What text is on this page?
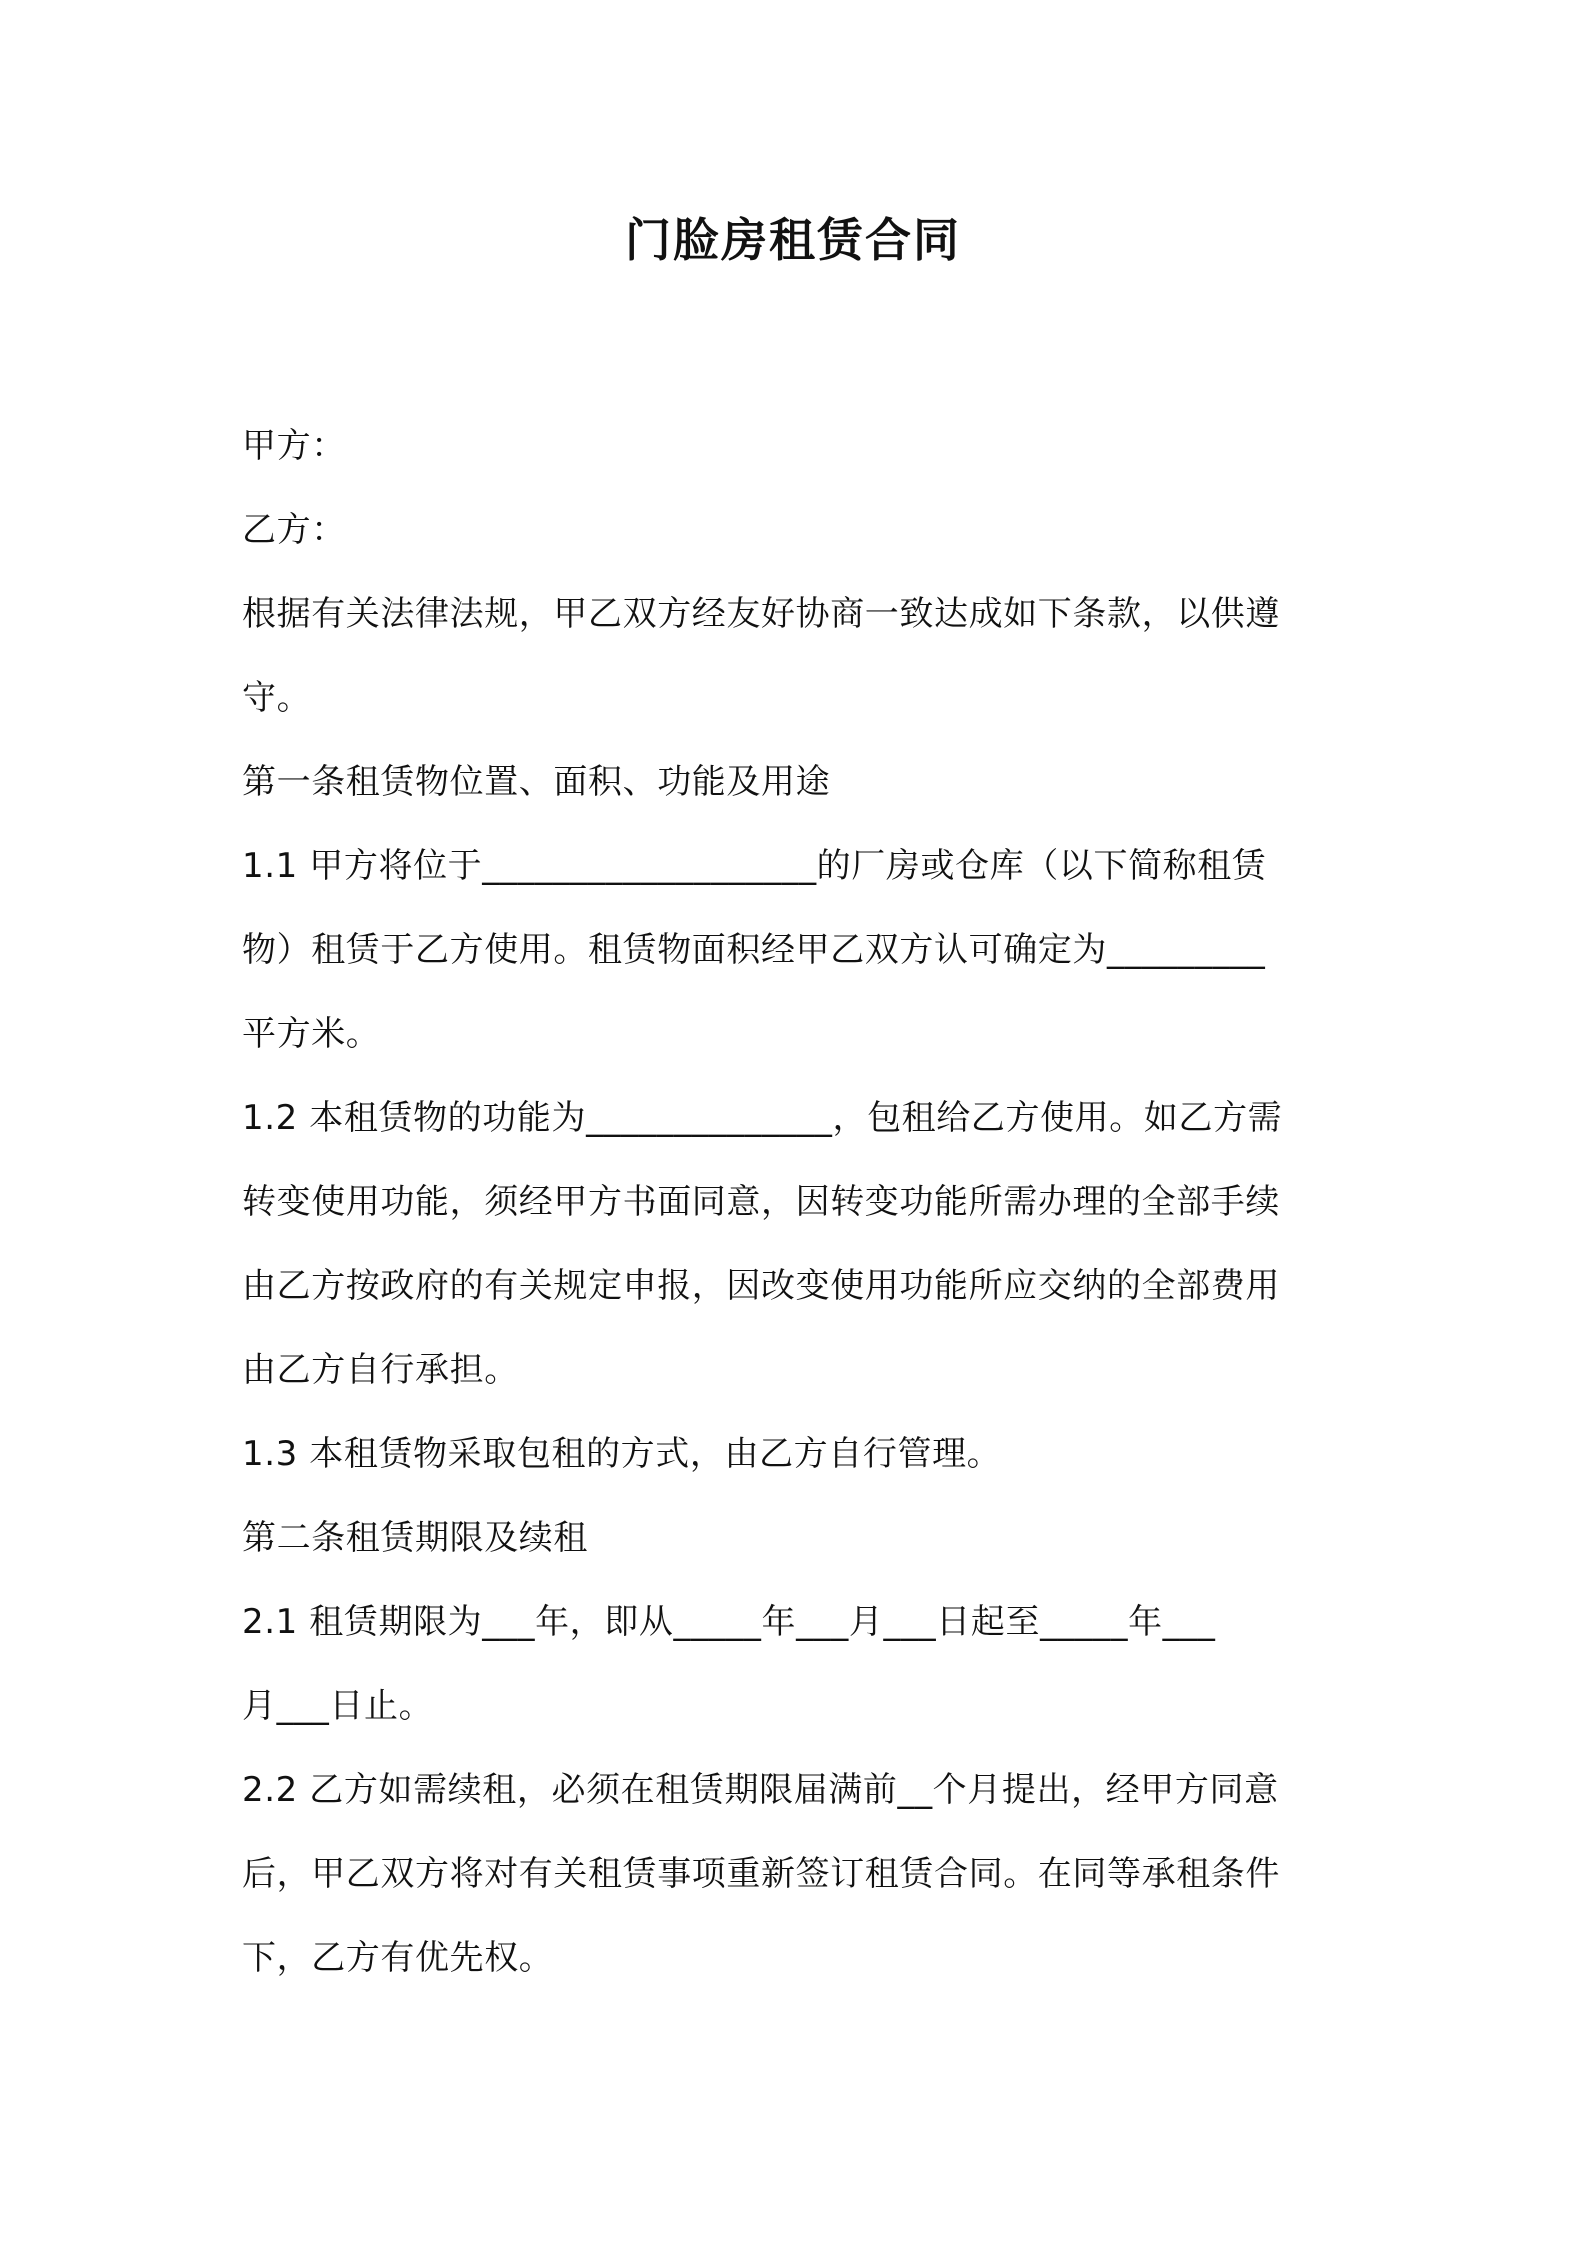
门脸房租赁合同

甲方：

乙方：

根据有关法律法规，甲乙双方经友好协商一致达成如下条款，以供遵

守。

第一条租赁物位置、面积、功能及用途

1.1 甲方将位于___________________的厂房或仓库（以下简称租赁

物）租赁于乙方使用。租赁物面积经甲乙双方认可确定为_________

平方米。

1.2 本租赁物的功能为______________，包租给乙方使用。如乙方需

转变使用功能，须经甲方书面同意，因转变功能所需办理的全部手续

由乙方按政府的有关规定申报，因改变使用功能所应交纳的全部费用

由乙方自行承担。

1.3 本租赁物采取包租的方式，由乙方自行管理。

第二条租赁期限及续租

2.1 租赁期限为___年，即从_____年___月___日起至_____年___

月___日止。

2.2 乙方如需续租，必须在租赁期限届满前__个月提出，经甲方同意

后，甲乙双方将对有关租赁事项重新签订租赁合同。在同等承租条件

下，乙方有优先权。
